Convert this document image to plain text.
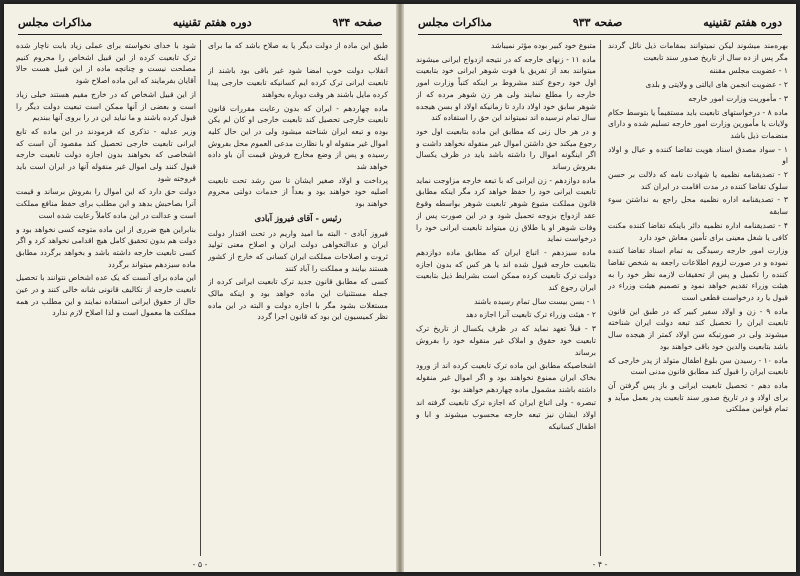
صفحه ۹۳۴
دوره هفتم تقنینیه
مذاکرات مجلس

طبق این ماده از دولت دیگر یا به صلاح باشد که ما برای اینکه

انقلاب دولت خوب امضا شود غیر باقی بود باشند از تابعیت ایرانی ترک کرده ایم کسانیکه تابعیت خارجی پیدا کرده مایل باشند هر وقت دوباره بخواهند

ماده چهاردهم - ایران که بدون رعایت مقررات قانون تابعیت خارجی تحصیل کند تابعیت خارجی او کان لم یکن بوده و تبعه ایران شناخته میشود ولی در این حال کلیه اموال غیر منقوله او با نظارت مدعی العموم محل بفروش رسیده و پس از وضع مخارج فروش قیمت آن باو داده خواهد شد

پرداخت و اولاد صغیر ایشان تا سن رشد تحت تابعیت اصلیه خود خواهند بود و بعداً از خدمات دولتی محروم خواهند بود

رئیس - آقای فیروز آبادی

فیروز آبادی - البته ما امید واریم در تحت اقتدار دولت ایران و عدالتخواهی دولت ایران و اصلاح معنی تولید ثروت و اصلاحات مملکت ایران کسانی که خارج از کشور هستند بیایند و مملکت را آباد کنند

کسی که مطابق قانون جدید ترک تابعیت ایرانی کرده از جمله مستثنیات این ماده خواهد بود و اینکه مالک مستغلات بشود مگر با اجازه دولت و البته در این ماده نظر کمیسیون این بود که قانون اجرا گردد

شود با خدای نخواسته برای عملی زیاد بابت ناچار شده ترک تابعیت کرده از این قبیل اشخاص را محروم کنیم مصلحت نیست و چنانچه ماده از این قبیل هست حالا آقایان بفرمایند که این ماده اصلاح شود

از این قبیل اشخاص که در خارج مقیم هستند خیلی زیاد است و بعضی از آنها ممکن است تبعیت دولت دیگر را قبول کرده باشند و ما نباید این در را بروی آنها ببندیم

وزیر عدلیه - تذکری که فرمودند در این ماده که تابع ایرانی تابعیت خارجی تحصیل کند مقصود آن است که اشخاصی که بخواهند بدون اجازه دولت تابعیت خارجه قبول کنند ولی اموال غیر منقوله آنها در ایران است باید فروخته شود

دولت حق دارد که این اموال را بفروش برساند و قیمت آنرا بصاحبش بدهد و این مطلب برای حفظ منافع مملکت است و عدالت در این ماده کاملاً رعایت شده است

بنابراین هیچ ضرری از این ماده متوجه کسی نخواهد بود و دولت هم بدون تحقیق کامل هیچ اقدامی نخواهد کرد و اگر کسی تابعیت خارجه داشته باشد و بخواهد برگردد مطابق ماده سیزدهم میتواند برگردد

این ماده برای آنست که یک عده اشخاص نتوانند با تحصیل تابعیت خارجه از تکالیف قانونی شانه خالی کنند و در عین حال از حقوق ایرانی استفاده نمایند و این مطلب در همه مملکت ها معمول است و لذا اصلاح لازم ندارد

- ۵ -
دوره هفتم تقنینیه
صفحه ۹۳۳
مذاکرات مجلس

بهره‌مند میشوند لیکن نمیتوانند بمقامات ذیل نائل گردند مگر پس از ده سال از تاریخ صدور سند تابعیت

۱ - عضویت مجلس مقننه

۲ - عضویت انجمن های ایالتی و ولایتی و بلدی

۳ - مأموریت وزارت امور خارجه

ماده ۸ - درخواستهای تابعیت باید مستقیماً یا بتوسط حکام ولایات یا مأمورین وزارت امور خارجه تسلیم شده و دارای منضمات ذیل باشد

۱ - سواد مصدق اسناد هویت تقاضا کننده و عیال و اولاد او

۲ - تصدیقنامه نظمیه یا شهادت نامه که دلالت بر حسن سلوک تقاضا کننده در مدت اقامت در ایران کند

۳ - تصدیقنامه اداره نظمیه محل راجع به نداشتن سوء سابقه

۴ - تصدیقنامه اداره نظمیه دائر باینکه تقاضا کننده مکنت کافی یا شغل معینی برای تأمین معاش خود دارد

وزارت امور خارجه رسیدگی به تمام اسناد تقاضا کننده نموده و در صورت لزوم اطلاعات راجعه به شخص تقاضا کننده را تکمیل و پس از تحقیقات لازمه نظر خود را به هیئت وزراء تقدیم خواهد نمود و تصمیم هیئت وزراء در قبول یا رد درخواست قطعی است

ماده ۹ - زن و اولاد سفیر کبیر که در طبق این قانون تابعیت ایران را تحصیل کند تبعه دولت ایران شناخته میشوند ولی در صورتیکه سن اولاد کمتر از هیجده سال باشد بتابعیت والدین خود باقی خواهند بود

ماده ۱۰ - رسیدن سن بلوغ اطفال متولد از پدر خارجی که تابعیت ایران را قبول کند مطابق قانون مدنی است

ماده دهم - تحصیل تابعیت ایرانی و باز پس گرفتن آن برای اولاد و در تاریخ صدور سند تابعیت پدر بعمل میآید و تمام قوانین مملکتی

متبوع خود کبیر بوده مؤثر نمیباشد

ماده ۱۱ - زنهای خارجه که در نتیجه ازدواج ایرانی میشوند میتوانند بعد از تفریق یا فوت شوهر ایرانی خود بتابعیت اول خود رجوع کنند مشروط بر اینکه کتباً وزارت امور خارجه را مطلع نمایند ولی هر زن شوهر مرده که از شوهر سابق خود اولاد دارد تا زمانیکه اولاد او بسن هیجده سال تمام نرسیده اند نمیتواند این حق را استفاده کند

و در هر حال زنی که مطابق این ماده بتابعیت اول خود رجوع میکند حق داشتن اموال غیر منقوله نخواهد داشت و اگر اینگونه اموال را داشته باشد باید در ظرف یکسال بفروش رساند

ماده دوازدهم - زن ایرانی که با تبعه خارجه مزاوجت نماید تابعیت ایرانی خود را حفظ خواهد کرد مگر اینکه مطابق قانون مملکت متبوع شوهر تابعیت شوهر بواسطه وقوع عقد ازدواج بزوجه تحمیل شود و در این صورت پس از وفات شوهر او یا طلاق زن میتواند تابعیت ایرانی خود را درخواست نماید

ماده سیزدهم - اتباع ایران که مطابق ماده دوازدهم بتابعیت خارجه قبول شده اند یا هر کس که بدون اجازه دولت ترک تابعیت کرده ممکن است بشرایط ذیل بتابعیت ایران رجوع کند

۱ - بسن بیست سال تمام رسیده باشند

۲ - هیئت وزراء ترک تابعیت آنرا اجازه دهد

۳ - قبلاً تعهد نماید که در ظرف یکسال از تاریخ ترک تابعیت خود حقوق و املاک غیر منقوله خود را بفروش برساند

اشخاصیکه مطابق این ماده ترک تابعیت کرده اند از ورود بخاک ایران ممنوع نخواهند بود و اگر اموال غیر منقوله داشته باشند مشمول ماده چهاردهم خواهند بود

تبصره - ولی اتباع ایران که اجازه ترک تابعیت گرفته اند اولاد ایشان نیز تبعه خارجه محسوب میشوند و ابا و اطفال کسانیکه

- ۴ -
